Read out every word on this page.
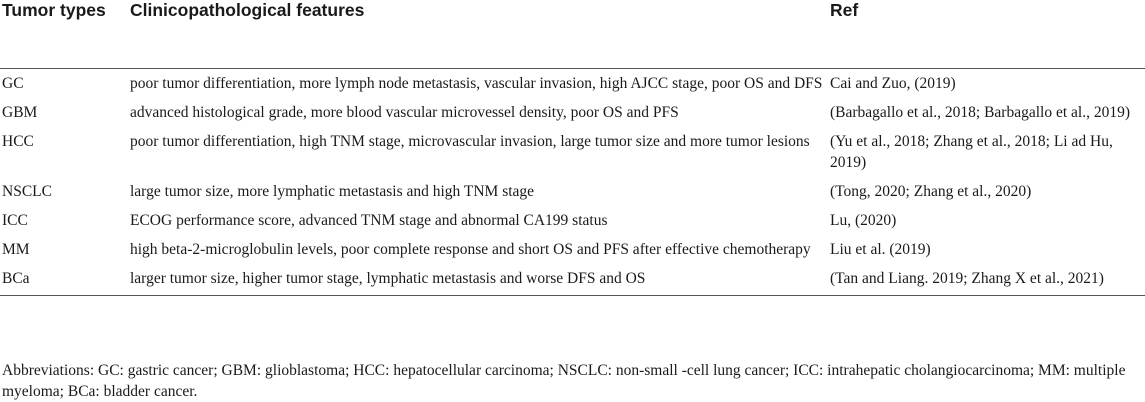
Tumor types	Clinicopathological features	Ref
GC	poor tumor differentiation, more lymph node metastasis, vascular invasion, high AJCC stage, poor OS and DFS	Cai and Zuo, (2019)
GBM	advanced histological grade, more blood vascular microvessel density, poor OS and PFS	(Barbagallo et al., 2018; Barbagallo et al., 2019)
HCC	poor tumor differentiation, high TNM stage, microvascular invasion, large tumor size and more tumor lesions	(Yu et al., 2018; Zhang et al., 2018; Li ad Hu, 2019)
NSCLC	large tumor size, more lymphatic metastasis and high TNM stage	(Tong, 2020; Zhang et al., 2020)
ICC	ECOG performance score, advanced TNM stage and abnormal CA199 status	Lu, (2020)
MM	high beta-2-microglobulin levels, poor complete response and short OS and PFS after effective chemotherapy	Liu et al. (2019)
BCa	larger tumor size, higher tumor stage, lymphatic metastasis and worse DFS and OS	(Tan and Liang. 2019; Zhang X et al., 2021)
Abbreviations: GC: gastric cancer; GBM: glioblastoma; HCC: hepatocellular carcinoma; NSCLC: non-small -cell lung cancer; ICC: intrahepatic cholangiocarcinoma; MM: multiple myeloma; BCa: bladder cancer.
